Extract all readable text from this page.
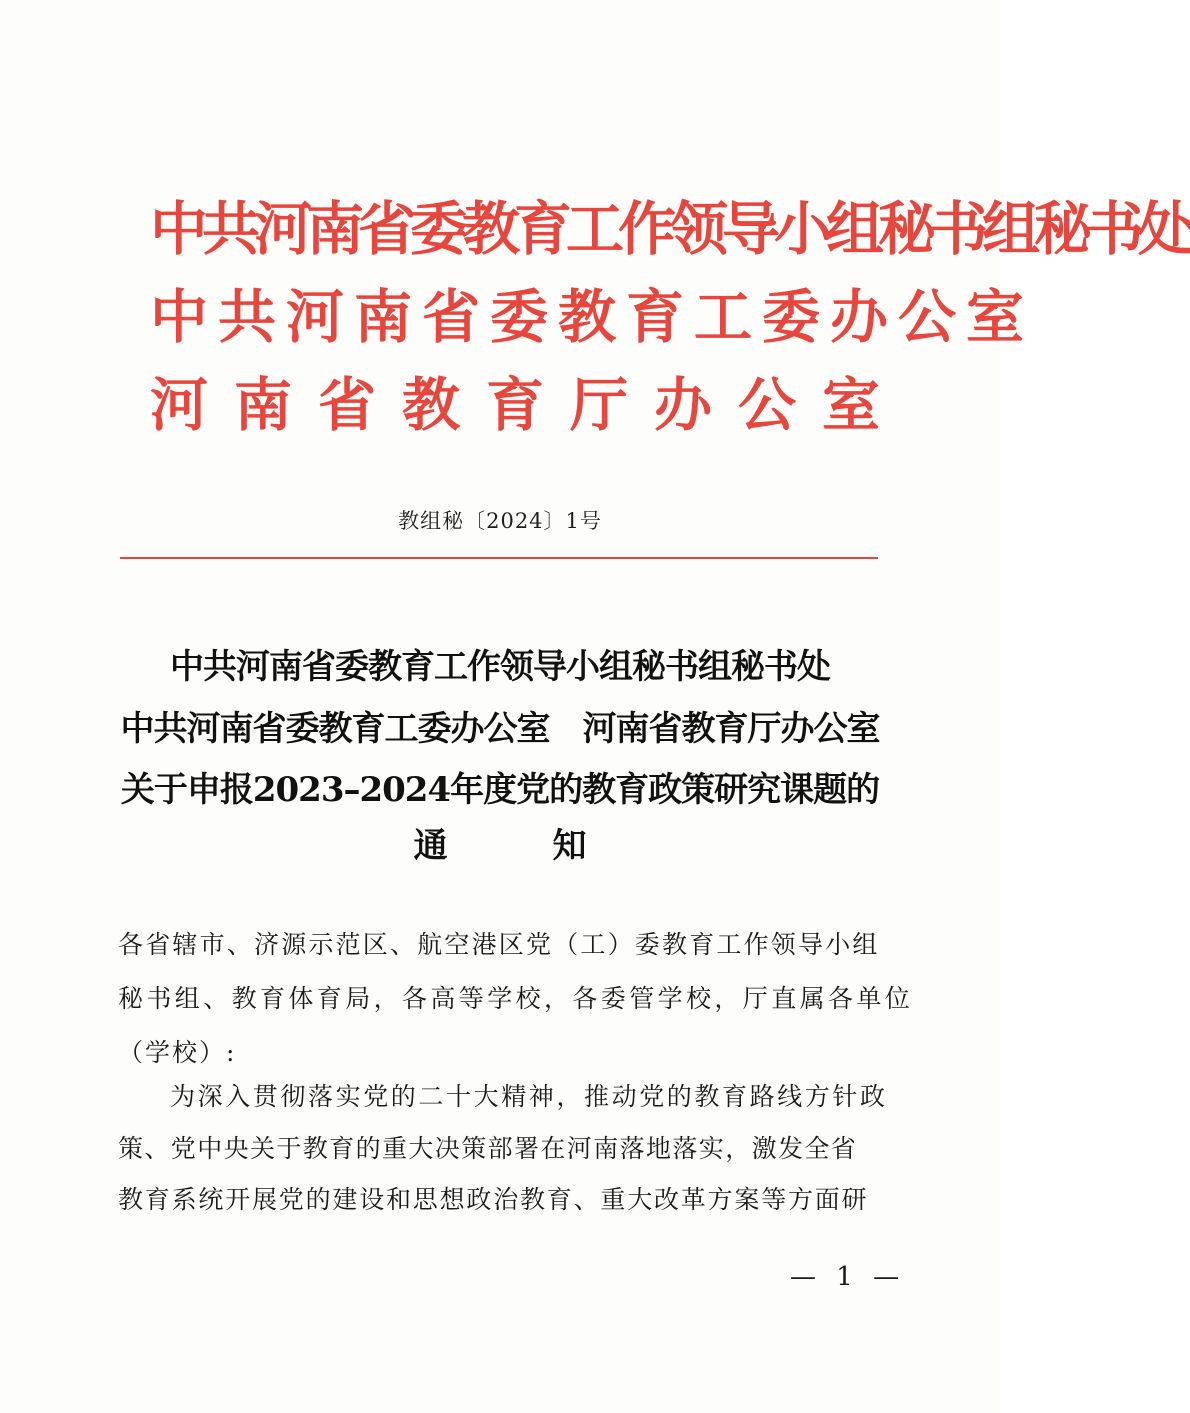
中共河南省委教育工作领导小组秘书组秘书处
中共河南省委教育工委办公室
河南省教育厅办公室
教组秘〔2024〕1号
中共河南省委教育工作领导小组秘书组秘书处
中共河南省委教育工委办公室　河南省教育厅办公室
关于申报2023–2024年度党的教育政策研究课题的
通	知
各省辖市、济源示范区、航空港区党（工）委教育工作领导小组
秘书组、教育体育局，各高等学校，各委管学校，厅直属各单位
（学校）:
为深入贯彻落实党的二十大精神，推动党的教育路线方针政
策、党中央关于教育的重大决策部署在河南落地落实，激发全省
教育系统开展党的建设和思想政治教育、重大改革方案等方面研
— 1 —
